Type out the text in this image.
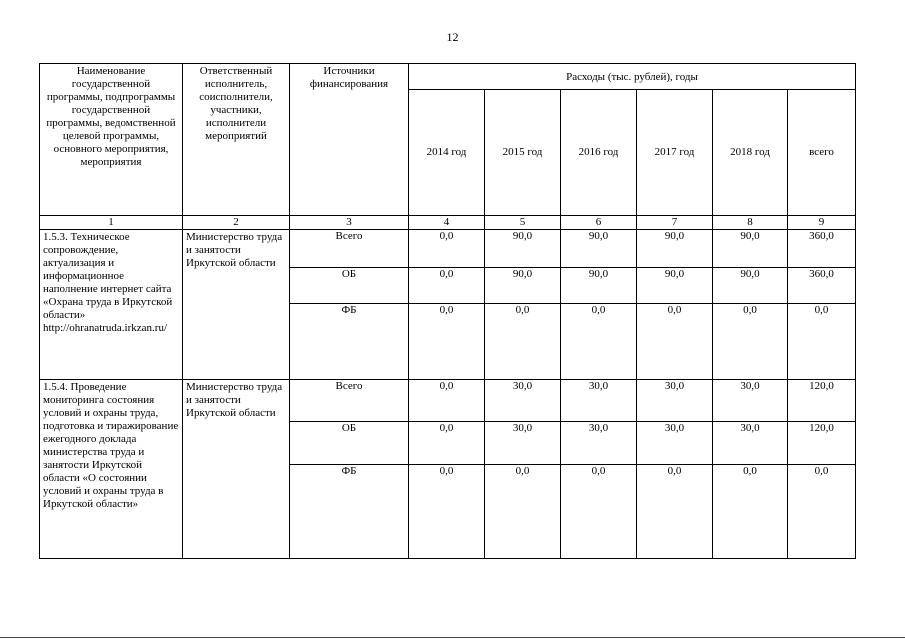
12
Наименование государственной программы, подпрограммы государственной программы, ведомственной целевой программы, основного мероприятия, мероприятия	Ответственный исполнитель, соисполнители, участники, исполнители мероприятий	Источники финансирования	Расходы (тыс. рублей), годы					
			2014 год	2015 год	2016 год	2017 год	2018 год	всего
1	2	3	4	5	6	7	8	9
1.5.3. Техническое сопровождение, актуализация и информационное наполнение интернет сайта «Охрана труда в Иркутской области» http://ohranatruda.irkzan.ru/	Министерство труда и занятости Иркутской области	Всего	0,0	90,0	90,0	90,0	90,0	360,0
		ОБ	0,0	90,0	90,0	90,0	90,0	360,0
		ФБ	0,0	0,0	0,0	0,0	0,0	0,0
1.5.4. Проведение мониторинга состояния условий и охраны труда, подготовка и тиражирование ежегодного доклада министерства труда и занятости Иркутской области «О состоянии условий и охраны труда в Иркутской области»	Министерство труда и занятости Иркутской области	Всего	0,0	30,0	30,0	30,0	30,0	120,0
		ОБ	0,0	30,0	30,0	30,0	30,0	120,0
		ФБ	0,0	0,0	0,0	0,0	0,0	0,0
